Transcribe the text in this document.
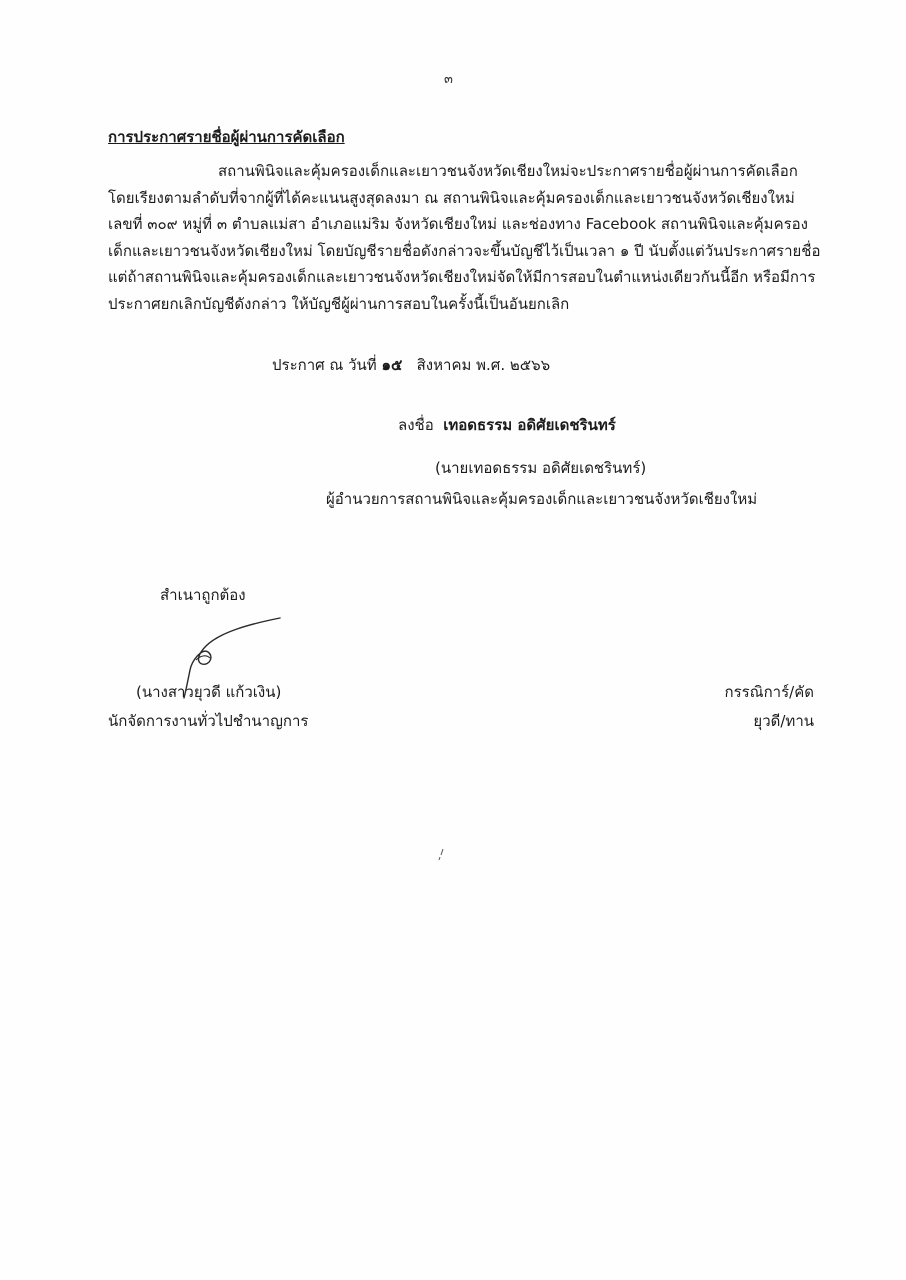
๓
การประกาศรายชื่อผู้ผ่านการคัดเลือก
สถานพินิจและคุ้มครองเด็กและเยาวชนจังหวัดเชียงใหม่จะประกาศรายชื่อผู้ผ่านการคัดเลือก
โดยเรียงตามลำดับที่จากผู้ที่ได้คะแนนสูงสุดลงมา ณ สถานพินิจและคุ้มครองเด็กและเยาวชนจังหวัดเชียงใหม่
เลขที่ ๓๐๙ หมู่ที่ ๓ ตำบลแม่สา อำเภอแม่ริม จังหวัดเชียงใหม่ และช่องทาง Facebook สถานพินิจและคุ้มครอง
เด็กและเยาวชนจังหวัดเชียงใหม่ โดยบัญชีรายชื่อดังกล่าวจะขึ้นบัญชีไว้เป็นเวลา ๑ ปี นับตั้งแต่วันประกาศรายชื่อ
แต่ถ้าสถานพินิจและคุ้มครองเด็กและเยาวชนจังหวัดเชียงใหม่จัดให้มีการสอบในตำแหน่งเดียวกันนี้อีก หรือมีการ
ประกาศยกเลิกบัญชีดังกล่าว ให้บัญชีผู้ผ่านการสอบในครั้งนี้เป็นอันยกเลิก
ประกาศ ณ วันที่ ๑๕ สิงหาคม พ.ศ. ๒๕๖๖
ลงชื่อ เทอดธรรม อดิศัยเดชรินทร์
(นายเทอดธรรม อดิศัยเดชรินทร์)
ผู้อำนวยการสถานพินิจและคุ้มครองเด็กและเยาวชนจังหวัดเชียงใหม่
สำเนาถูกต้อง
(นางสาวยุวดี แก้วเงิน)
นักจัดการงานทั่วไปชำนาญการ
กรรณิการ์/คัด
ยุวดี/ทาน
